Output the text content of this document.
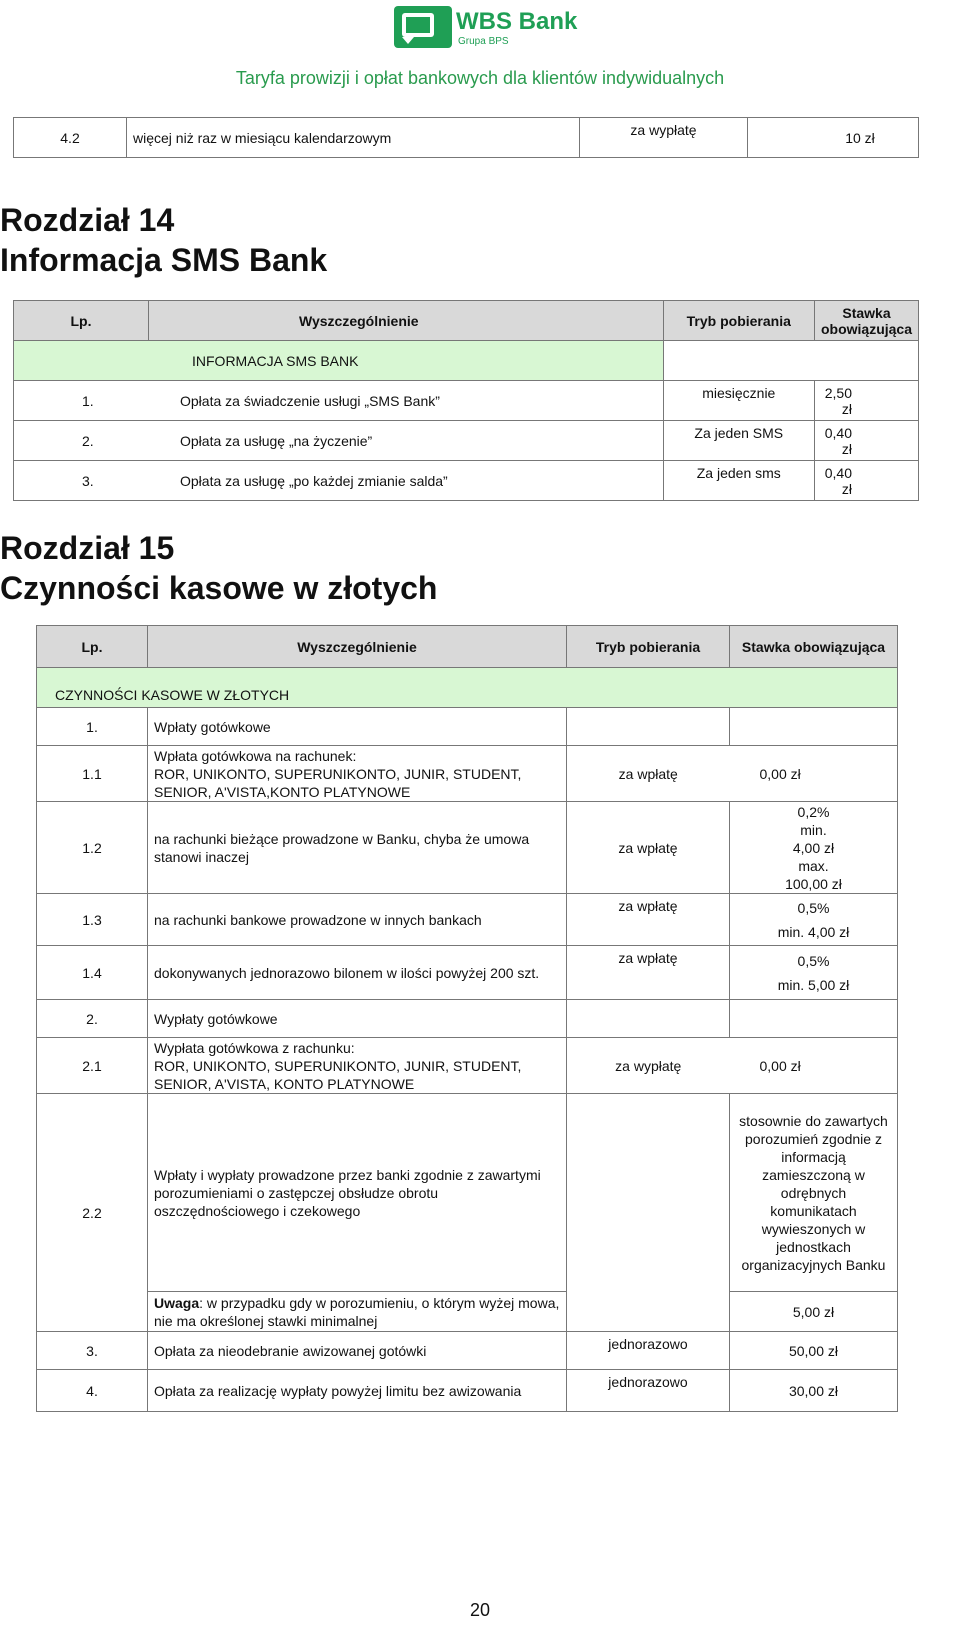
WBS Bank
Grupa BPS
Taryfa prowizji i opłat bankowych dla klientów indywidualnych
4.2	więcej niż raz w miesiącu kalendarzowym	za wypłatę	10 zł
Rozdział 14
Informacja SMS Bank
Lp.	Wyszczególnienie	Tryb pobierania	Stawka obowiązująca
INFORMACJA SMS BANK			
1. Opłata za świadczenie usługi „SMS Bank”		miesięcznie	2,50 zł
2. Opłata za usługę „na życzenie”		Za jeden SMS	0,40 zł
3. Opłata za usługę „po każdej zmianie salda”		Za jeden sms	0,40 zł
Rozdział 15
Czynności kasowe w złotych
Lp.	Wyszczególnienie	Tryb pobierania	Stawka obowiązująca
CZYNNOŚCI KASOWE W ZŁOTYCH			
1.	Wpłaty gotówkowe		
1.1	Wpłata gotówkowa na rachunek:
ROR, UNIKONTO, SUPERUNIKONTO, JUNIR, STUDENT, SENIOR, A'VISTA,KONTO PLATYNOWE	za wpłatę	0,00 zł
1.2	na rachunki bieżące prowadzone w Banku, chyba że umowa stanowi inaczej	za wpłatę	0,2%
min.
4,00 zł
max.
100,00 zł
1.3	na rachunki bankowe prowadzone w innych bankach	za wpłatę	0,5%
min. 4,00 zł

1.4	dokonywanych jednorazowo bilonem w ilości powyżej 200 szt.	za wpłatę	0,5%
min. 5,00 zł

2.	Wypłaty gotówkowe		
2.1	Wypłata gotówkowa z rachunku:
ROR, UNIKONTO, SUPERUNIKONTO, JUNIR, STUDENT, SENIOR, A'VISTA, KONTO PLATYNOWE	za wypłatę	0,00 zł
2.2	Wpłaty i wypłaty prowadzone przez banki zgodnie z zawartymi porozumieniami o zastępczej obsłudze obrotu oszczędnościowego i czekowego		stosownie do zawartych porozumień zgodnie z informacją zamieszczoną w odrębnych komunikatach wywieszonych w jednostkach organizacyjnych Banku
	Uwaga: w przypadku gdy w porozumieniu, o którym wyżej mowa, nie ma określonej stawki minimalnej		5,00 zł
3.	Opłata za nieodebranie awizowanej gotówki	jednorazowo	50,00 zł
4.	Opłata za realizację wypłaty powyżej limitu bez awizowania	jednorazowo	30,00 zł
20
